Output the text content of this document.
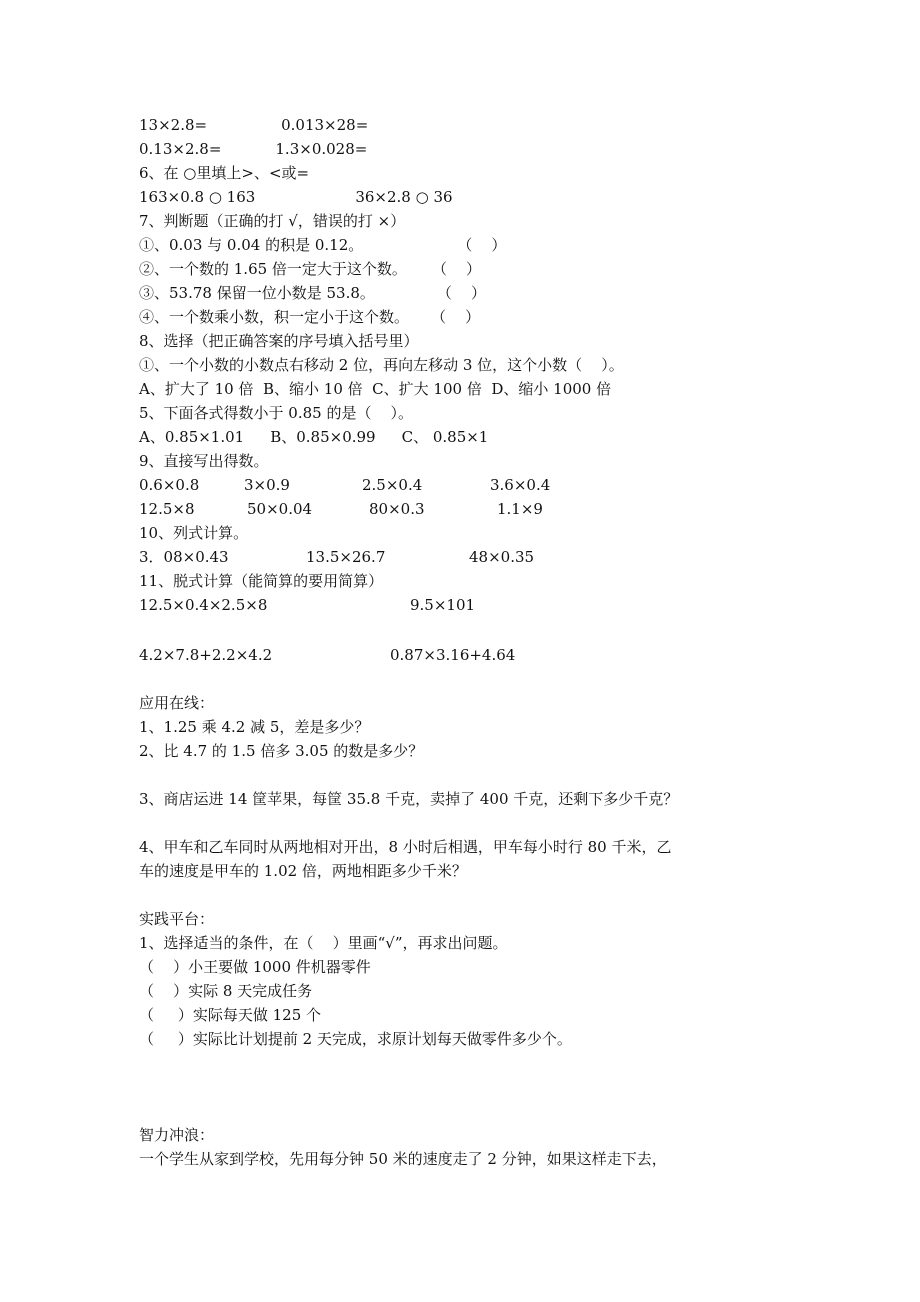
13×2.8=	0.013×28=
0.13×2.8=	1.3×0.028=
6、在 ○里填上>、<或=
163×0.8 ○ 163	36×2.8 ○ 36
7、判断题（正确的打 √，错误的打 ×）
①、0.03 与 0.04 的积是 0.12。	（    ）
②、一个数的 1.65 倍一定大于这个数。 （    ）
③、53.78 保留一位小数是 53.8。	（    ）
④、一个数乘小数，积一定小于这个数。 （    ）
8、选择（把正确答案的序号填入括号里）
①、一个小数的小数点右移动 2 位，再向左移动 3 位，这个小数（    ）。
A、扩大了 10 倍  B、缩小 10 倍  C、扩大 100 倍  D、缩小 1000 倍
5、下面各式得数小于 0.85 的是（    ）。
A、0.85×1.01 B、0.85×0.99 C、 0.85×1
9、直接写出得数。
0.6×0.8	3×0.9	2.5×0.4	3.6×0.4
12.5×8	50×0.04	80×0.3	1.1×9
10、列式计算。
3．08×0.43	13.5×26.7	48×0.35
11、脱式计算（能简算的要用简算）
12.5×0.4×2.5×8	9.5×101
4.2×7.8+2.2×4.2	0.87×3.16+4.64
应用在线：
1、1.25 乘 4.2 减 5，差是多少？
2、比 4.7 的 1.5 倍多 3.05 的数是多少？
3、商店运进 14 筐苹果，每筐 35.8 千克，卖掉了 400 千克，还剩下多少千克？
4、甲车和乙车同时从两地相对开出，8 小时后相遇，甲车每小时行 80 千米，乙
车的速度是甲车的 1.02 倍，两地相距多少千米？
实践平台：
1、选择适当的条件，在（    ）里画“√”，再求出问题。
（    ）小王要做 1000 件机器零件
（    ）实际 8 天完成任务
（     ）实际每天做 125 个
（     ）实际比计划提前 2 天完成，求原计划每天做零件多少个。
智力冲浪：
一个学生从家到学校，先用每分钟 50 米的速度走了 2 分钟，如果这样走下去，
